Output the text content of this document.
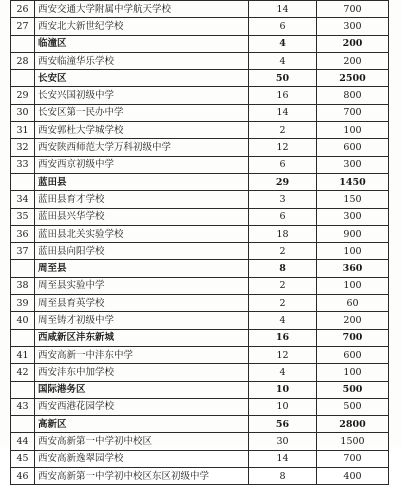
26	西安交通大学附属中学航天学校	14	700
27	西安北大新世纪学校	6	300
	临潼区	4	200
28	西安临潼华乐学校	4	200
	长安区	50	2500
29	长安兴国初级中学	16	800
30	长安区第一民办中学	14	700
31	西安郭杜大学城学校	2	100
32	西安陕西师范大学万科初级中学	12	600
33	西安西京初级中学	6	300
	蓝田县	29	1450
34	蓝田县育才学校	3	150
35	蓝田县兴华学校	6	300
36	蓝田县北关实验学校	18	900
37	蓝田县向阳学校	2	100
	周至县	8	360
38	周至县实验中学	2	100
39	周至县育英学校	2	60
40	周至铸才初级中学	4	200
	西咸新区沣东新城	16	700
41	西安高新一中沣东中学	12	600
42	西安沣东中加学校	4	100
	国际港务区	10	500
43	西安西港花园学校	10	500
	高新区	56	2800
44	西安高新第一中学初中校区	30	1500
45	西安高新逸翠园学校	14	700
46	西安高新第一中学初中校区东区初级中学	8	400
